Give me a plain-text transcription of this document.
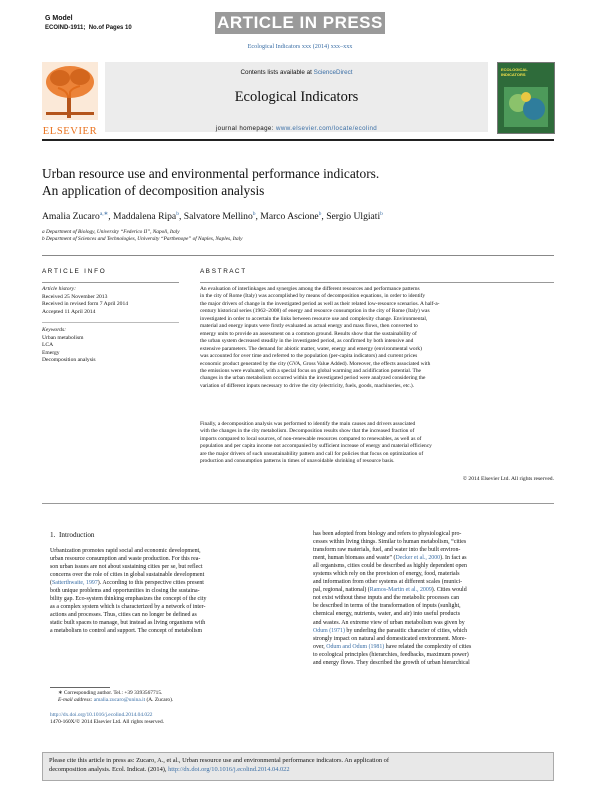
G Model
ECOIND-1911; No.of Pages 10	ARTICLE IN PRESS
Ecological Indicators xxx (2014) xxx–xxx
ELSEVIER
Contents lists available at ScienceDirect
Ecological Indicators
journal homepage: www.elsevier.com/locate/ecolind
ECOLOGICAL INDICATORS
Urban resource use and environmental performance indicators.
An application of decomposition analysis
Amalia Zucaro$^{a,∗}$, Maddalena Ripa$^b$, Salvatore Mellino$^b$, Marco Ascione$^b$, Sergio Ulgiati$^b$
a Department of Biology, University “Federico II”, Napoli, Italy
b Department of Sciences and Technologies, University “Parthenope” of Naples, Naples, Italy
A R T I C L E   I N F O
Article history:
Received 25 November 2013
Received in revised form 7 April 2014
Accepted 11 April 2014
Keywords:
Urban metabolism
LCA
Emergy
Decomposition analysis
A B S T R A C T
An evaluation of interlinkages and synergies among the different resources and performance patterns
in the city of Rome (Italy) was accomplished by means of decomposition equations, in order to identify
the major drivers of change in the investigated period as well as their related low-resource scenarios. A half-a-
century historical series (1962–2008) of energy and resource consumption in the city of Rome (Italy) was
investigated in order to accertain the links between resource use and complexity change. Environmental,
material and energy inputs were firstly evaluated as actual energy and mass flows, then converted to
emergy units to provide an assessment on a common ground. Results show that the sustainability of
the urban system decreased steadily in the investigated period, as confirmed by both intensive and
extensive parameters. The demand for abiotic matter, water, energy and emergy (environmental work)
was accounted for over time and referred to the population (per-capita indicators) and current prices
economic product generated by the city (GVA, Gross Value Added). Moreover, the effects associated with
the emissions were evaluated, with a special focus on global warming and acidification potential. The
changes in the urban metabolism occurred within the investigated period were analyzed considering the
variation of different inputs necessary to drive the city (electricity, fuels, goods, machineries, etc.).
Finally, a decomposition analysis was performed to identify the main causes and drivers associated
with the changes in the city metabolism. Decomposition results show that the increased fraction of
imports compared to local sources, of non-renewable resources compared to renewables, as well as of
population and per capita income not accompanied by sufficient increase of energy and material efficiency
are the major drivers of such unsustainability pattern and call for policies that focus on optimization of
production and consumption patterns in times of unavoidable shrinking of resource basis.
© 2014 Elsevier Ltd. All rights reserved.
1.  Introduction
Urbanization promotes rapid social and economic development,
urban resource consumption and waste production. For this rea-
son urban issues are not about sustaining cities per se, but reflect
concerns over the role of cities in global sustainable development
(Satterthwaite, 1997). According to this perspective cities present
both unique problems and opportunities in closing the sustaina-
bility gap. Eco-system thinking emphasizes the concept of the city
as a complex system which is characterized by a network of inter-
actions and processes. Thus, cities can no longer be defined as
static built spaces to manage, but instead as living organisms with
a metabolism to control and support. The concept of metabolism
has been adopted from biology and refers to physiological pro-
cesses within living things. Similar to human metabolism, “cities
transform raw materials, fuel, and water into the built environ-
ment, human biomass and waste” (Decker et al., 2000). In fact as
all organisms, cities could be described as highly dependent open
systems which rely on the provision of energy, food, materials
and information from other systems at different scales (munici-
pal, regional, national) (Ramos-Martin et al., 2009). Cities would
not exist without these inputs and the metabolic processes can
be described in terms of the transformation of inputs (sunlight,
chemical energy, nutrients, water, and air) into useful products
and wastes. An extreme view of urban metabolism was given by
Odum (1971) by underling the parasitic character of cities, which
strongly impact on natural and domesticated environment. More-
over, Odum and Odum (1981) have related the complexity of cities
to ecological principles (hierarchies, feedbacks, maximum power)
and energy flows. They described the growth of urban hierarchical
∗ Corresponding author. Tel.: +39 3393567715.
E-mail address: amalia.zucaro@unina.it (A. Zucaro).
http://dx.doi.org/10.1016/j.ecolind.2014.04.022
1470-160X/© 2014 Elsevier Ltd. All rights reserved.
Please cite this article in press as: Zucaro, A., et al., Urban resource use and environmental performance indicators. An application of
decomposition analysis. Ecol. Indicat. (2014), http://dx.doi.org/10.1016/j.ecolind.2014.04.022
